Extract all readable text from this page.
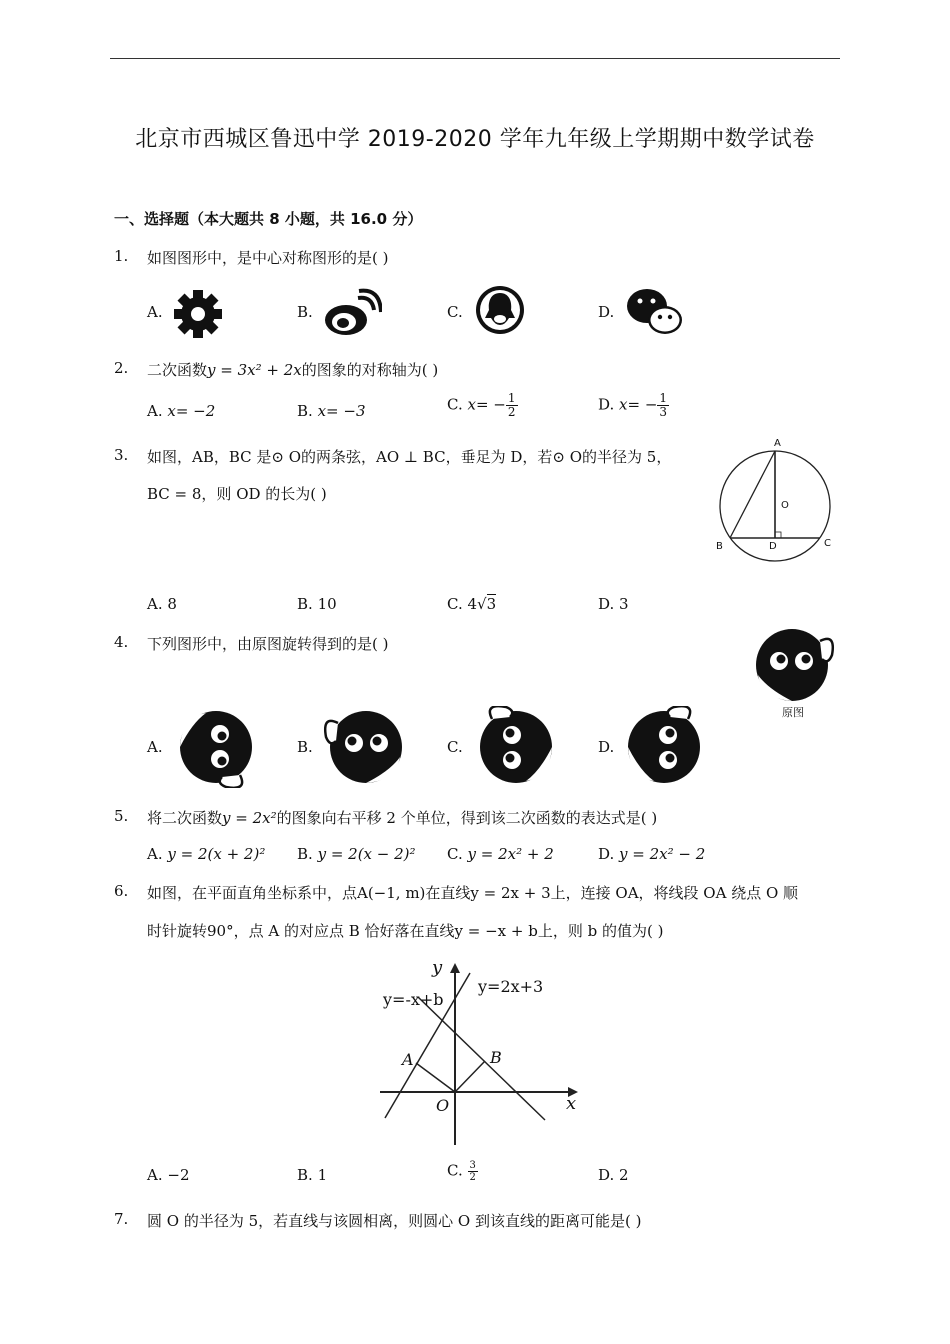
北京市西城区鲁迅中学 2019-2020 学年九年级上学期期中数学试卷
一、选择题（本大题共 8 小题，共 16.0 分）
1. 如图图形中，是中心对称图形的是( )
A.	B.	C.	D.
2. 二次函数y = 3x² + 2x的图象的对称轴为( )
A. x= −2	B. x= −3	C. $x= - \frac{1}{2}$	D. $x= - \frac{1}{3}$
3. 如图，AB，BC 是⊙ O的两条弦，AO ⊥ BC，垂足为 D，若⊙ O的半径为 5，
BC = 8，则 OD 的长为( )
A
O
B	D	C
A. 8	B. 10	C. 4√3	D. 3
4. 下列图形中，由原图旋转得到的是( )
原图
A.	B.	C.	D.
5. 将二次函数y = 2x²的图象向右平移 2 个单位，得到该二次函数的表达式是( )
A. y = 2(x + 2)² B. y = 2(x − 2)² C. y = 2x² + 2	D. y = 2x² − 2
6. 如图，在平面直角坐标系中，点A(−1, m)在直线y = 2x + 3上，连接 OA，将线段 OA 绕点 O 顺
时针旋转90°，点 A 的对应点 B 恰好落在直线y = −x + b上，则 b 的值为( )
y
x
O
A	B
y=2x+3
y=-x+b
A. −2	B. 1	C. $\frac{3}{2}$	D. 2
7. 圆 O 的半径为 5，若直线与该圆相离，则圆心 O 到该直线的距离可能是( )
